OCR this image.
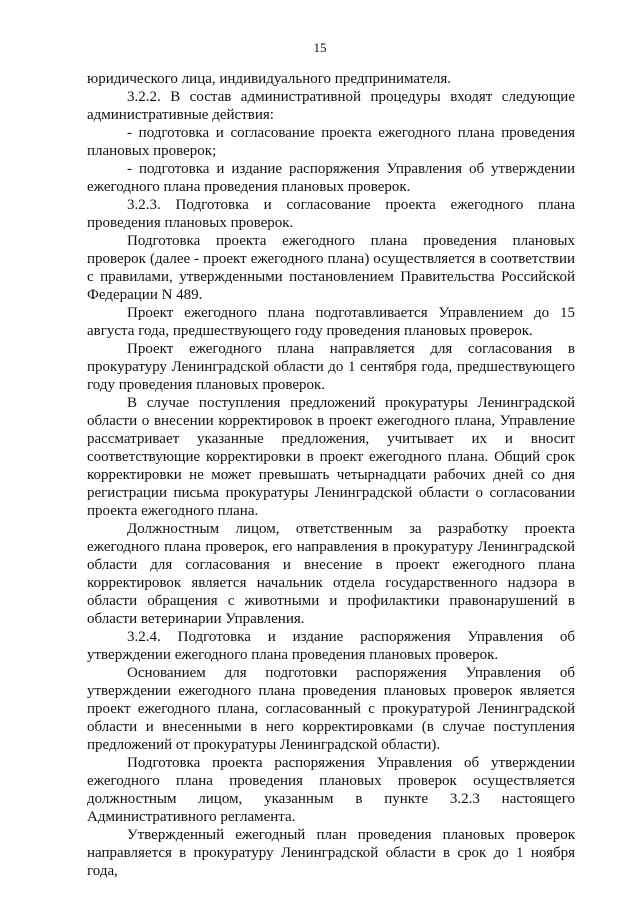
15

юридического лица, индивидуального предпринимателя.

3.2.2. В состав административной процедуры входят следующие административные действия:

- подготовка и согласование проекта ежегодного плана проведения плановых проверок;

- подготовка и издание распоряжения Управления об утверждении ежегодного плана проведения плановых проверок.

3.2.3. Подготовка и согласование проекта ежегодного плана проведения плановых проверок.

Подготовка проекта ежегодного плана проведения плановых проверок (далее - проект ежегодного плана) осуществляется в соответствии с правилами, утвержденными постановлением Правительства Российской Федерации N 489.

Проект ежегодного плана подготавливается Управлением до 15 августа года, предшествующего году проведения плановых проверок.

Проект ежегодного плана направляется для согласования в прокуратуру Ленинградской области до 1 сентября года, предшествующего году проведения плановых проверок.

В случае поступления предложений прокуратуры Ленинградской области о внесении корректировок в проект ежегодного плана, Управление рассматривает указанные предложения, учитывает их и вносит соответствующие корректировки в проект ежегодного плана. Общий срок корректировки не может превышать четырнадцати рабочих дней со дня регистрации письма прокуратуры Ленинградской области о согласовании проекта ежегодного плана.

Должностным лицом, ответственным за разработку проекта ежегодного плана проверок, его направления в прокуратуру Ленинградской области для согласования и внесение в проект ежегодного плана корректировок является начальник отдела государственного надзора в области обращения с животными и профилактики правонарушений в области ветеринарии Управления.

3.2.4. Подготовка и издание распоряжения Управления об утверждении ежегодного плана проведения плановых проверок.

Основанием для подготовки распоряжения Управления об утверждении ежегодного плана проведения плановых проверок является проект ежегодного плана, согласованный с прокуратурой Ленинградской области и внесенными в него корректировками (в случае поступления предложений от прокуратуры Ленинградской области).

Подготовка проекта распоряжения Управления об утверждении ежегодного плана проведения плановых проверок осуществляется должностным лицом, указанным в пункте 3.2.3 настоящего Административного регламента.

Утвержденный ежегодный план проведения плановых проверок направляется в прокуратуру Ленинградской области в срок до 1 ноября года,
